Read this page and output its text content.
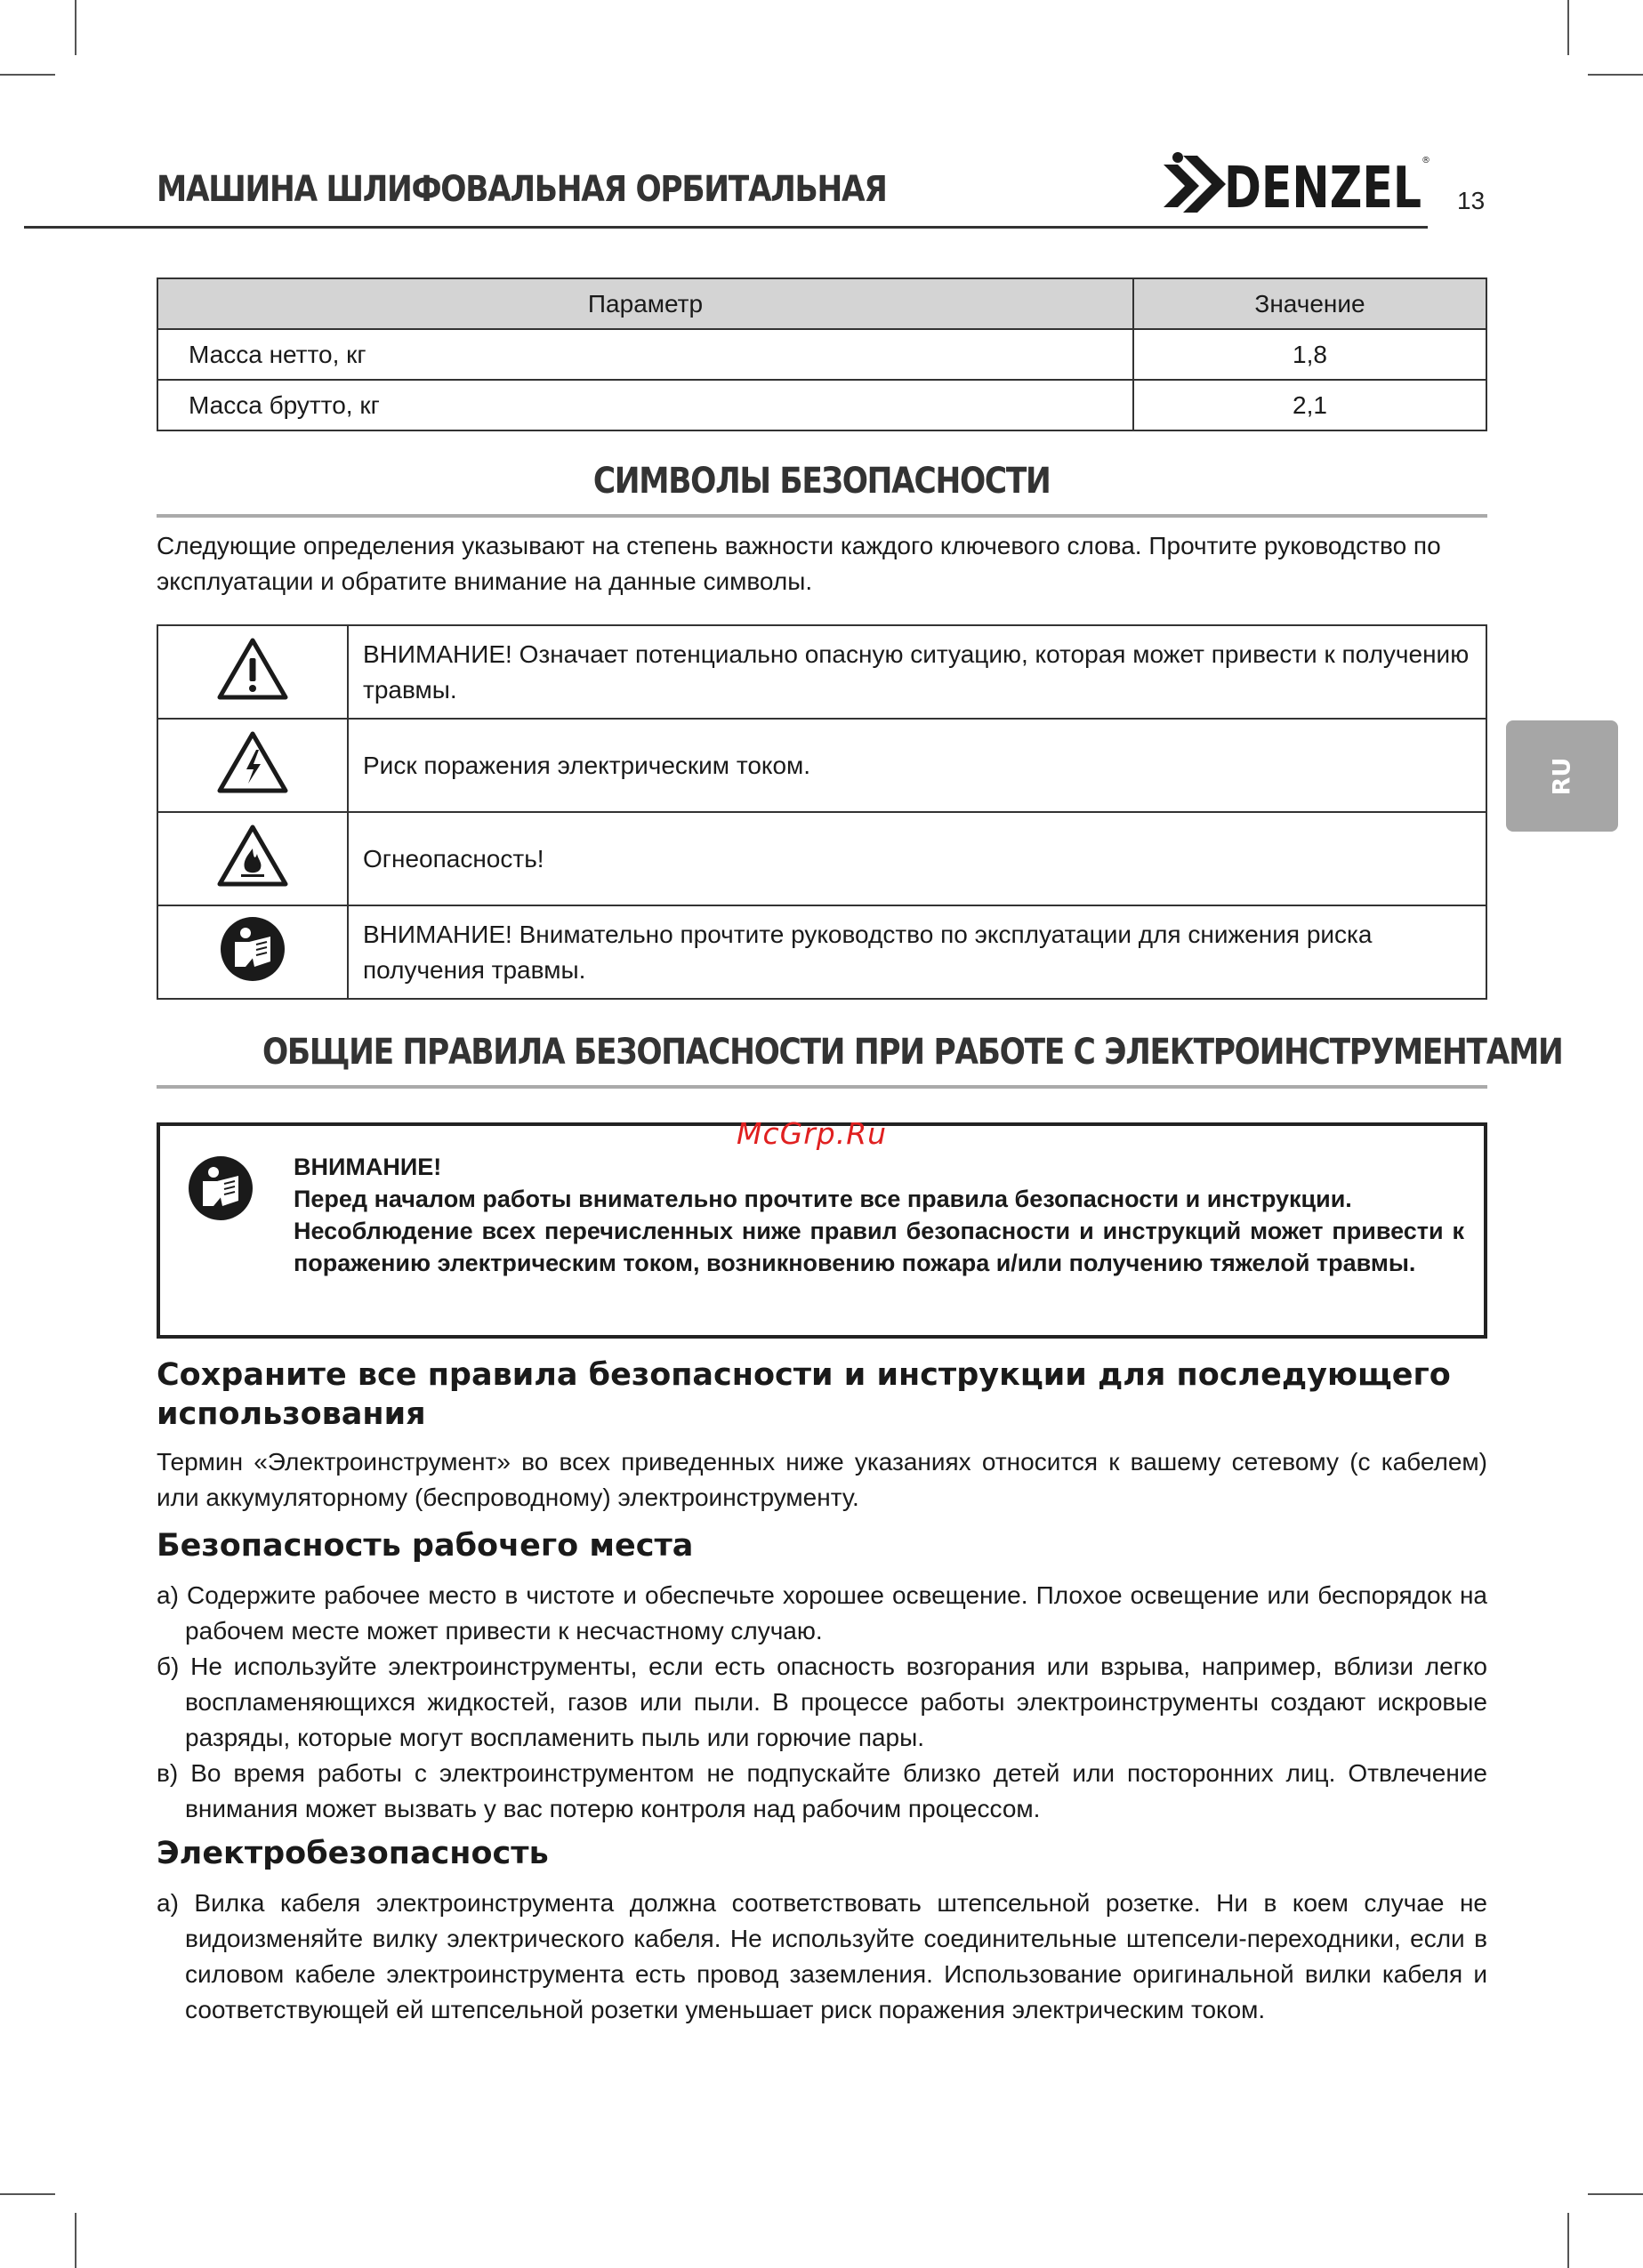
МАШИНА ШЛИФОВАЛЬНАЯ ОРБИТАЛЬНАЯ	DENZEL ®
13
RU
Параметр	Значение
Масса нетто, кг	1,8
Масса брутто, кг	2,1
СИМВОЛЫ БЕЗОПАСНОСТИ
Следующие определения указывают на степень важности каждого ключевого слова. Прочтите руководство по эксплуатации и обратите внимание на данные символы.
	ВНИМАНИЕ! Означает потенциально опасную ситуацию, которая может привести к получению травмы.
	Риск поражения электрическим током.
	Огнеопасность!
	ВНИМАНИЕ! Внимательно прочтите руководство по эксплуатации для снижения риска получения травмы.
ОБЩИЕ ПРАВИЛА БЕЗОПАСНОСТИ ПРИ РАБОТЕ С ЭЛЕКТРОИНСТРУМЕНТАМИ
ВНИМАНИЕ!
Перед началом работы внимательно прочтите все правила безопасности и инструкции.
Несоблюдение всех перечисленных ниже правил безопасности и инструкций может привести к поражению электрическим током, возникновению пожара и/или получению тяжелой травмы.
McGrp.Ru
Сохраните все правила безопасности и инструкции для последующего использования
Термин «Электроинструмент» во всех приведенных ниже указаниях относится к вашему сетевому (с кабелем) или аккумуляторному (беспроводному) электроинструменту.
Безопасность рабочего места
а) Содержите рабочее место в чистоте и обеспечьте хорошее освещение. Плохое освещение или беспорядок на рабочем месте может привести к несчастному случаю.
б) Не используйте электроинструменты, если есть опасность возгорания или взрыва, например, вблизи легко воспламеняющихся жидкостей, газов или пыли. В процессе работы электроинструменты создают искровые разряды, которые могут воспламенить пыль или горючие пары.
в) Во время работы с электроинструментом не подпускайте близко детей или посторонних лиц. Отвлечение внимания может вызвать у вас потерю контроля над рабочим процессом.
Электробезопасность
а) Вилка кабеля электроинструмента должна соответствовать штепсельной розетке. Ни в коем случае не видоизменяйте вилку электрического кабеля. Не используйте соединительные штепсели-переходники, если в силовом кабеле электроинструмента есть провод заземления. Использование оригинальной вилки кабеля и соответствующей ей штепсельной розетки уменьшает риск поражения электрическим током.
